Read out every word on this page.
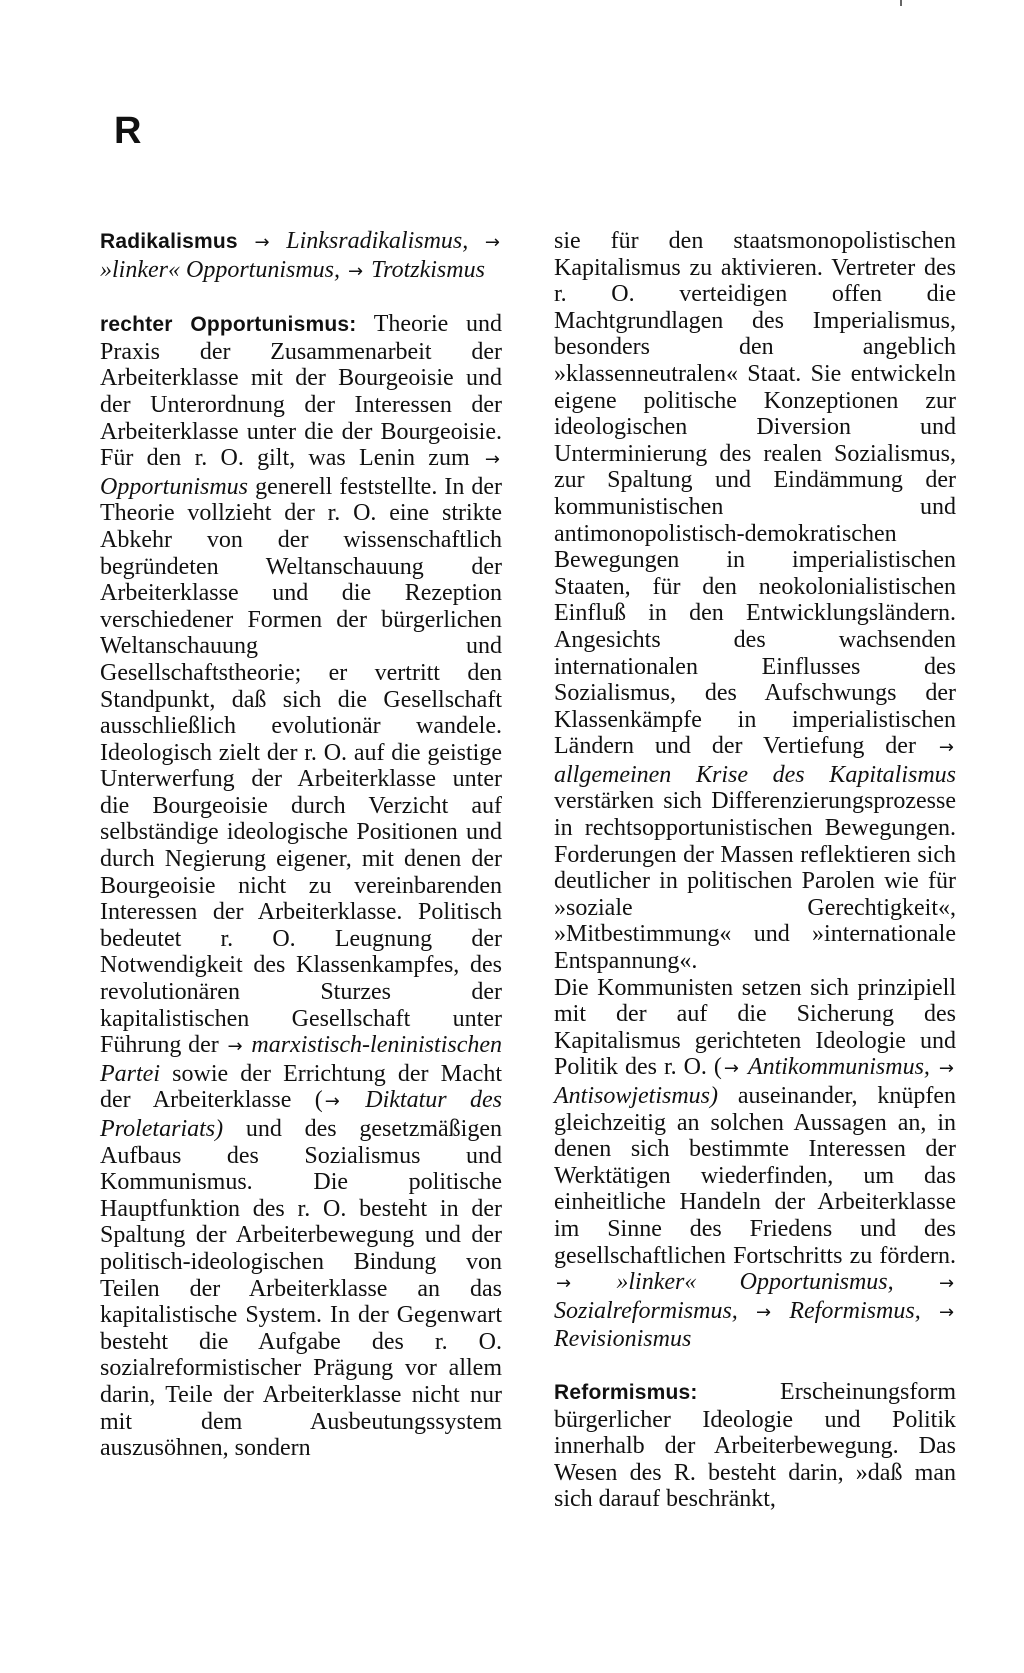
R

Radikalismus → Linksradikalismus, → »linker« Opportunismus, → Trotzkismus

rechter Opportunismus: Theorie und Praxis der Zusammenarbeit der Arbeiterklasse mit der Bourgeoisie und der Unterordnung der Interessen der Arbeiterklasse unter die der Bourgeoisie. Für den r. O. gilt, was Lenin zum → Opportunismus generell feststellte. In der Theorie vollzieht der r. O. eine strikte Abkehr von der wissenschaftlich begründeten Weltanschauung der Arbeiterklasse und die Rezeption verschiedener Formen der bürgerlichen Weltanschauung und Gesellschaftstheorie; er vertritt den Standpunkt, daß sich die Gesellschaft ausschließlich evolutionär wandele. Ideologisch zielt der r. O. auf die geistige Unterwerfung der Arbeiterklasse unter die Bourgeoisie durch Verzicht auf selbständige ideologische Positionen und durch Negierung eigener, mit denen der Bourgeoisie nicht zu vereinbarenden Interessen der Arbeiterklasse. Politisch bedeutet r. O. Leugnung der Notwendigkeit des Klassenkampfes, des revolutionären Sturzes der kapitalistischen Gesellschaft unter Führung der → marxistisch-leninistischen Partei sowie der Errichtung der Macht der Arbeiterklasse ( → Diktatur des Proletariats) und des gesetzmäßigen Aufbaus des Sozialismus und Kommunismus. Die politische Hauptfunktion des r. O. besteht in der Spaltung der Arbeiterbewegung und der politisch-ideologischen Bindung von Teilen der Arbeiterklasse an das kapitalistische System. In der Gegenwart besteht die Aufgabe des r. O. sozialreformistischer Prägung vor allem darin, Teile der Arbeiterklasse nicht nur mit dem Ausbeutungssystem auszusöhnen, sondern

sie für den staatsmonopolistischen Kapitalismus zu aktivieren. Vertreter des r. O. verteidigen offen die Machtgrundlagen des Imperialismus, besonders den angeblich »klassenneutralen« Staat. Sie entwickeln eigene politische Konzeptionen zur ideologischen Diversion und Unterminierung des realen Sozialismus, zur Spaltung und Eindämmung der kommunistischen und antimonopolistisch-demokratischen Bewegungen in imperialistischen Staaten, für den neokolonialistischen Einfluß in den Entwicklungsländern. Angesichts des wachsenden internationalen Einflusses des Sozialismus, des Aufschwungs der Klassenkämpfe in imperialistischen Ländern und der Vertiefung der → allgemeinen Krise des Kapitalismus verstärken sich Differenzierungsprozesse in rechtsopportunistischen Bewegungen. Forderungen der Massen reflektieren sich deutlicher in politischen Parolen wie für »soziale Gerechtigkeit«, »Mitbestimmung« und »internationale Entspannung«.

Die Kommunisten setzen sich prinzipiell mit der auf die Sicherung des Kapitalismus gerichteten Ideologie und Politik des r. O. ( → Antikommunismus, → Antisowjetismus) auseinander, knüpfen gleichzeitig an solchen Aussagen an, in denen sich bestimmte Interessen der Werktätigen wiederfinden, um das einheitliche Handeln der Arbeiterklasse im Sinne des Friedens und des gesellschaftlichen Fortschritts zu fördern. → »linker« Opportunismus,	→ Sozialreformismus, → Reformismus, → Revisionismus

Reformismus:	Erscheinungsform bürgerlicher Ideologie und Politik innerhalb der Arbeiterbewegung. Das Wesen des R. besteht darin, »daß man sich darauf beschränkt,
